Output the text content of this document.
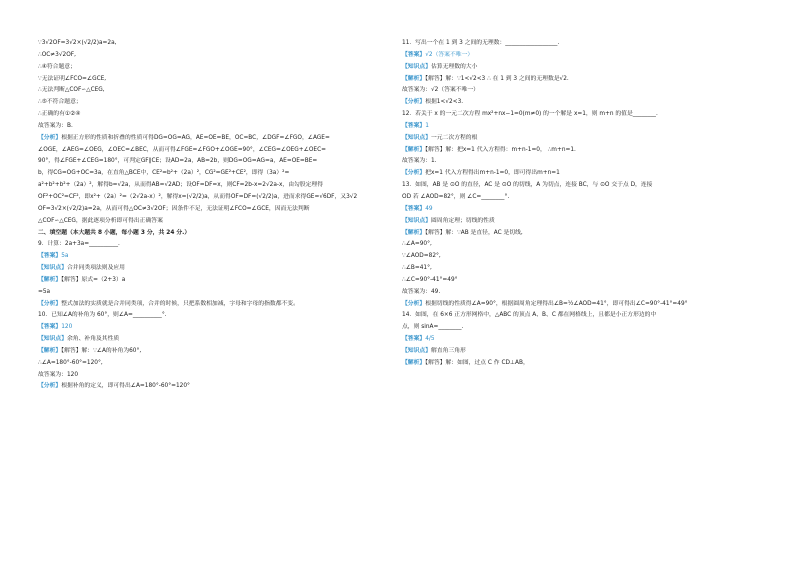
∵3√2OF=3√2×(√2/2)a=2a,
∴OC≠3√2OF,
∴④符合题意；
∵无法证明∠FCO=∠GCE,
∴无法判断△COF∽△CEG,
∴⑤不符合题意；
∴正确的有①②④
故答案为：B.
【分析】根据正方形的性质和折叠的性质可得DG=OG=AG，AE=OE=BE，OC=BC，∠DGF=∠FGO，∠AGE=
∠OGE，∠AEG=∠OEG，∠OEC=∠BEC，从而可得∠FGE=∠FGO+∠OGE=90°，∠CEG=∠OEG+∠OEC=
90°，得∠FGE+∠CEG=180°，可判定GF∥CE；设AD=2a，AB=2b，则DG=OG=AG=a，AE=OE=BE=
b，得CG=OG+OC=3a，在直角△BCE中，CE²=b²+（2a）²，CG²=GE²+CE²，即得（3a）²=
a²+b²+b²+（2a）²，解得b=√2a，从而得AB=√2AD；设OF=DF=x，则CF=2b-x=2√2a-x，由勾股定理得
OF²+OC²=CF²，即x²+（2a）²=（2√2a-x）²，解得x=(√2/2)a，从而得OF=DF=(√2/2)a，进而求得GE=√6DF，又3√2
OF=3√2×(√2/2)a=2a，从而可得△OC≠3√2OF；因条件不足，无法证明∠FCO=∠GCE，因而无法判断
△COF∽△CEG，据此逐项分析即可得出正确答案
二、填空题（本大题共 8 小题，每小题 3 分，共 24 分.）
9．计算：2a+3a=__________.
【答案】5a
【知识点】合并同类项法则及应用
【解析】【解答】原式=（2+3）a
=5a
【分析】整式加法的实质就是合并同类项，合并的时候，只把系数相加减，字母和字母的指数都不变。
10．已知∠A的补角为 60°，则∠A=__________°.
【答案】120
【知识点】余角、补角及其性质
【解析】【解答】解：∵∠A的补角为60°,
∴∠A=180°-60°=120°,
故答案为：120
【分析】根据补角的定义，即可得出∠A=180°-60°=120°
11．写出一个在 1 到 3 之间的无理数：__________________.
【答案】√2（答案不唯一）
【知识点】估算无理数的大小
【解析】【解答】解：∵1<√2<3 ∴ 在 1 到 3 之间的无理数是√2.
故答案为：√2（答案不唯一）
【分析】根据1<√2<3.
12．若关于 x 的一元二次方程 mx²+nx−1=0(m≠0) 的一个解是 x=1，则 m+n 的值是________.
【答案】1
【知识点】一元二次方程的根
【解析】【解答】解：把x=1 代入方程得：m+n-1=0， ∴m+n=1.
故答案为：1.
【分析】把x=1 代入方程得出m+n-1=0，即可得出m+n=1
13．如图，AB 是 ⊙O 的直径，AC 是 ⊙O 的切线，A 为切点，连接 BC，与 ⊙O 交于点 D，连接
OD 若 ∠AOD=82°，则 ∠C=________°.
【答案】49
【知识点】圆周角定理；切线的性质
【解析】【解答】解：∵AB 是直径，AC 是切线,
∴∠A=90°,
∵∠AOD=82°,
∴∠B=41°,
∴∠C=90°-41°=49°
故答案为：49.
【分析】根据切线的性质得∠A=90°，根据圆周角定理得出∠B=½∠AOD=41°，即可得出∠C=90°-41°=49°
14．如图，在 6×6 正方形网格中，△ABC 的顶点 A、B、C 都在网格线上，且都是小正方形边的中
点，则 sinA=________.
【答案】4/5
【知识点】解直角三角形
【解析】【解答】解：如图，过点 C 作 CD⊥AB，
